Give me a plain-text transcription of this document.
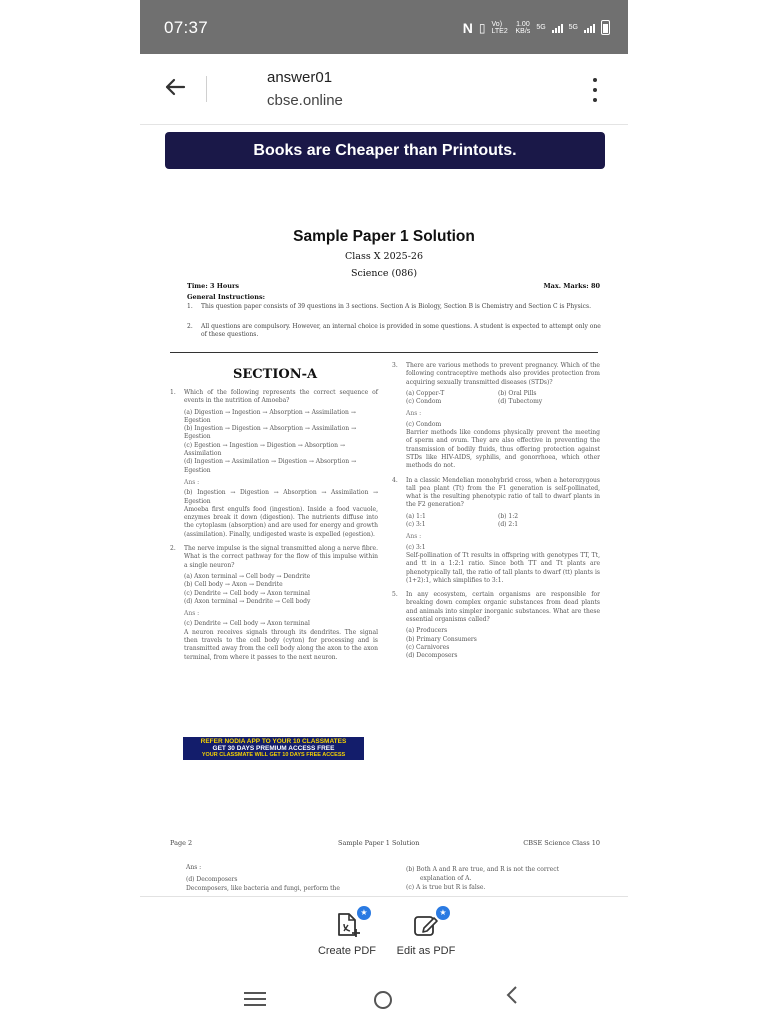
07:37	N ▯ Vo) LTE2
1.00
KB/s 5G	5G
answer01
cbse.online
Books are Cheaper than Printouts.
Sample Paper 1 Solution
Class X 2025-26
Science (086)
Time: 3 Hours	Max. Marks: 80
General Instructions:
1.	This question paper consists of 39 questions in 3 sections. Section A is Biology, Section B is Chemistry and Section C is Physics.
2.	All questions are compulsory. However, an internal choice is provided in some questions. A student is expected to attempt only one of these questions.
SECTION-A
1.	Which of the following represents the correct sequence of events in the nutrition of Amoeba?
(a) Digestion → Ingestion → Absorption → Assimilation → Egestion
(b) Ingestion → Digestion → Absorption → Assimilation → Egestion
(c) Egestion → Ingestion → Digestion → Absorption → Assimilation
(d) Ingestion → Assimilation → Digestion → Absorption → Egestion
Ans :
(b) Ingestion → Digestion → Absorption → Assimilation → Egestion
Amoeba first engulfs food (ingestion). Inside a food vacuole, enzymes break it down (digestion). The nutrients diffuse into the cytoplasm (absorption) and are used for energy and growth (assimilation). Finally, undigested waste is expelled (egestion).
2.	The nerve impulse is the signal transmitted along a nerve fibre. What is the correct pathway for the flow of this impulse within a single neuron?
(a) Axon terminal → Cell body → Dendrite
(b) Cell body → Axon → Dendrite
(c) Dendrite → Cell body → Axon terminal
(d) Axon terminal → Dendrite → Cell body
Ans :
(c) Dendrite → Cell body → Axon terminal
A neuron receives signals through its dendrites. The signal then travels to the cell body (cyton) for processing and is transmitted away from the cell body along the axon to the axon terminal, from where it passes to the next neuron.
REFER NODIA APP TO YOUR 10 CLASSMATES
GET 30 DAYS PREMIUM ACCESS FREE
YOUR CLASSMATE WILL GET 10 DAYS FREE ACCESS
3.	There are various methods to prevent pregnancy. Which of the following contraceptive methods also provides protection from acquiring sexually transmitted diseases (STDs)?
(a) Copper-T	(b) Oral Pills
(c) Condom	(d) Tubectomy
Ans :
(c) Condom
Barrier methods like condoms physically prevent the meeting of sperm and ovum. They are also effective in preventing the transmission of bodily fluids, thus offering protection against STDs like HIV-AIDS, syphilis, and gonorrhoea, which other methods do not.
4.	In a classic Mendelian monohybrid cross, when a heterozygous tall pea plant (Tt) from the F1 generation is self-pollinated, what is the resulting phenotypic ratio of tall to dwarf plants in the F2 generation?
(a) 1:1	(b) 1:2
(c) 3:1	(d) 2:1
Ans :
(c) 3:1
Self-pollination of Tt results in offspring with genotypes TT, Tt, and tt in a 1:2:1 ratio. Since both TT and Tt plants are phenotypically tall, the ratio of tall plants to dwarf (tt) plants is (1+2):1, which simplifies to 3:1.
5.	In any ecosystem, certain organisms are responsible for breaking down complex organic substances from dead plants and animals into simpler inorganic substances. What are these essential organisms called?
(a) Producers
(b) Primary Consumers
(c) Carnivores
(d) Decomposers
Page 2	Sample Paper 1 Solution	CBSE Science Class 10
Ans :
(d) Decomposers
Decomposers, like bacteria and fungi, perform the
(b) Both A and R are true, and R is not the correct
explanation of A.
(c) A is true but R is false.
★
Create PDF
★
Edit as PDF
